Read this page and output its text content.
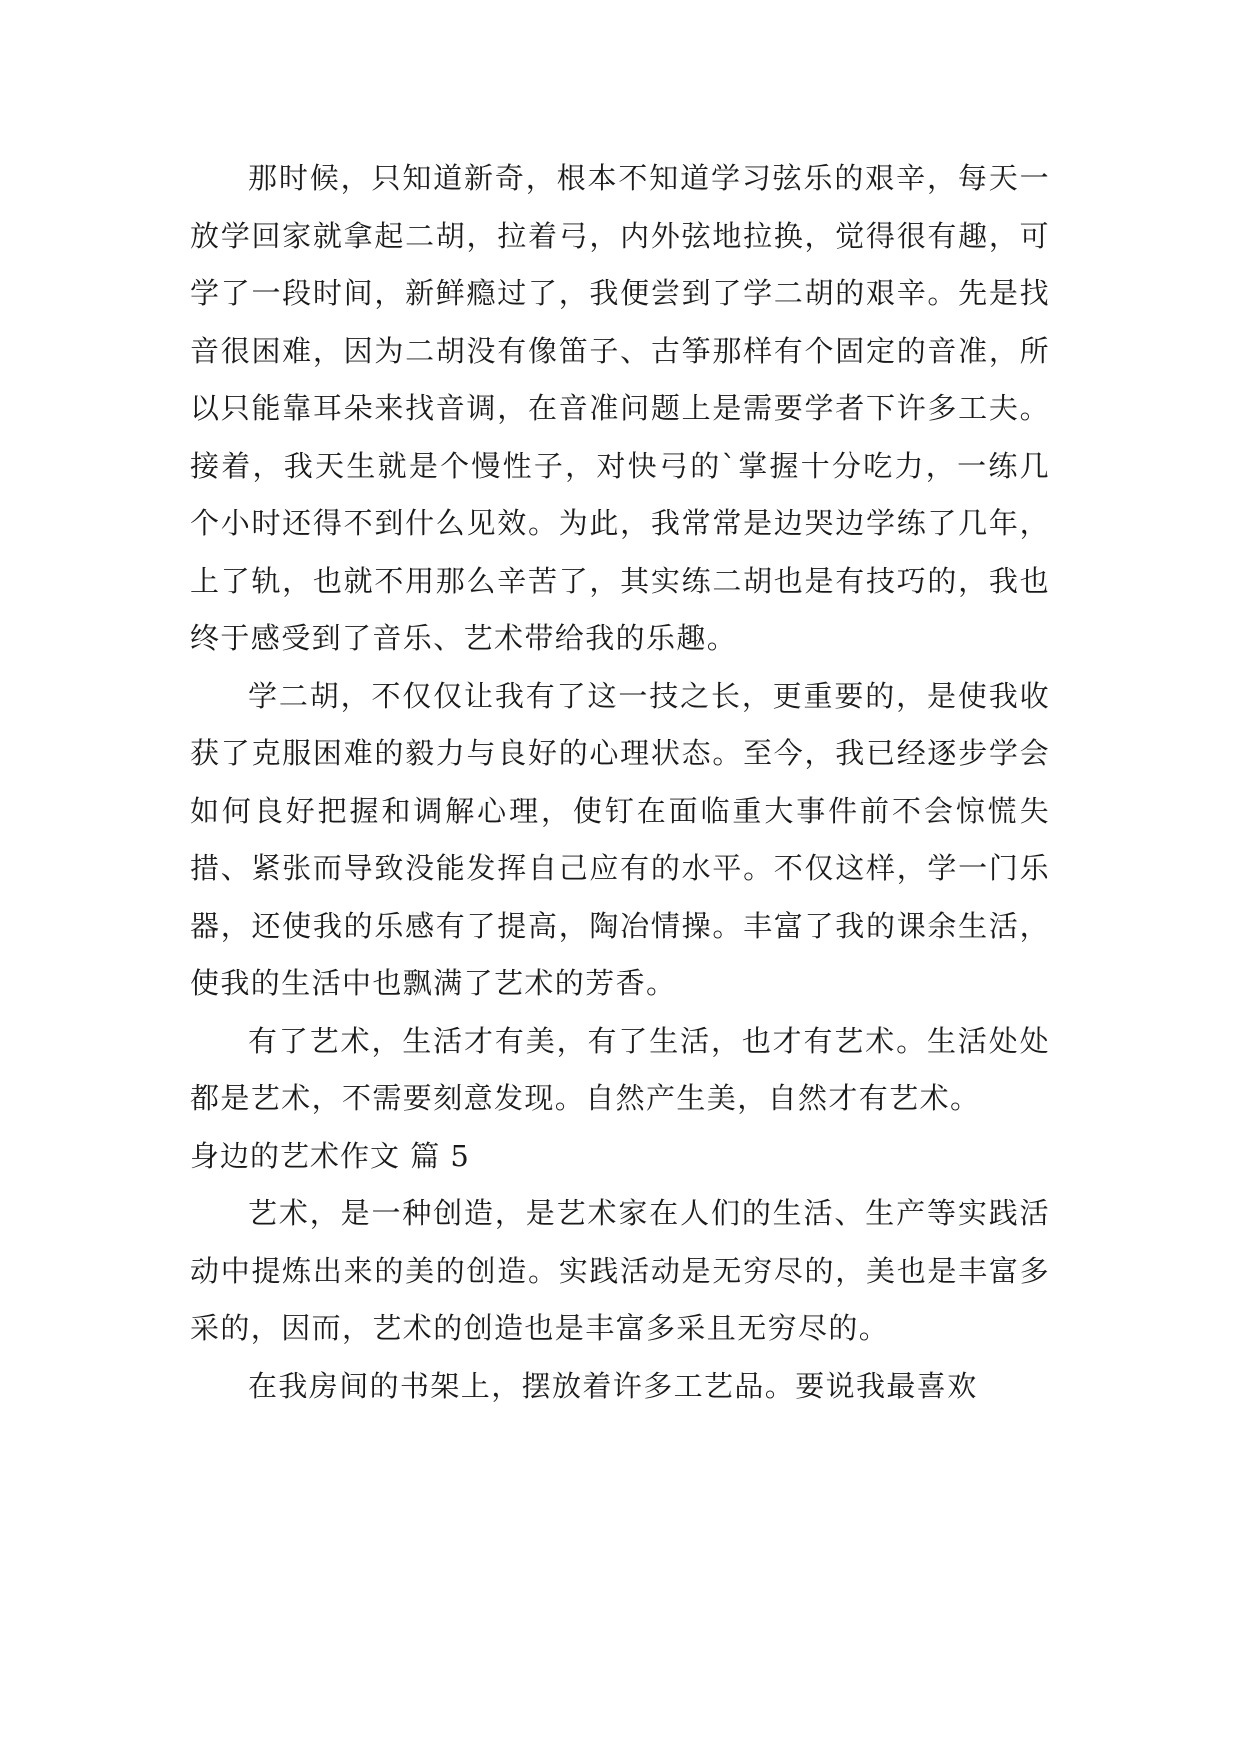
那时候，只知道新奇，根本不知道学习弦乐的艰辛，每天一放学回家就拿起二胡，拉着弓，内外弦地拉换，觉得很有趣，可学了一段时间，新鲜瘾过了，我便尝到了学二胡的艰辛。先是找音很困难，因为二胡没有像笛子、古筝那样有个固定的音准，所以只能靠耳朵来找音调，在音准问题上是需要学者下许多工夫。接着，我天生就是个慢性子，对快弓的`掌握十分吃力，一练几个小时还得不到什么见效。为此，我常常是边哭边学练了几年，上了轨，也就不用那么辛苦了，其实练二胡也是有技巧的，我也终于感受到了音乐、艺术带给我的乐趣。

学二胡，不仅仅让我有了这一技之长，更重要的，是使我收获了克服困难的毅力与良好的心理状态。至今，我已经逐步学会如何良好把握和调解心理，使钉在面临重大事件前不会惊慌失措、紧张而导致没能发挥自己应有的水平。不仅这样，学一门乐器，还使我的乐感有了提高，陶冶情操。丰富了我的课余生活，使我的生活中也飘满了艺术的芳香。

有了艺术，生活才有美，有了生活，也才有艺术。生活处处都是艺术，不需要刻意发现。自然产生美，自然才有艺术。

身边的艺术作文 篇 5

艺术，是一种创造，是艺术家在人们的生活、生产等实践活动中提炼出来的美的创造。实践活动是无穷尽的，美也是丰富多采的，因而，艺术的创造也是丰富多采且无穷尽的。

在我房间的书架上，摆放着许多工艺品。要说我最喜欢
